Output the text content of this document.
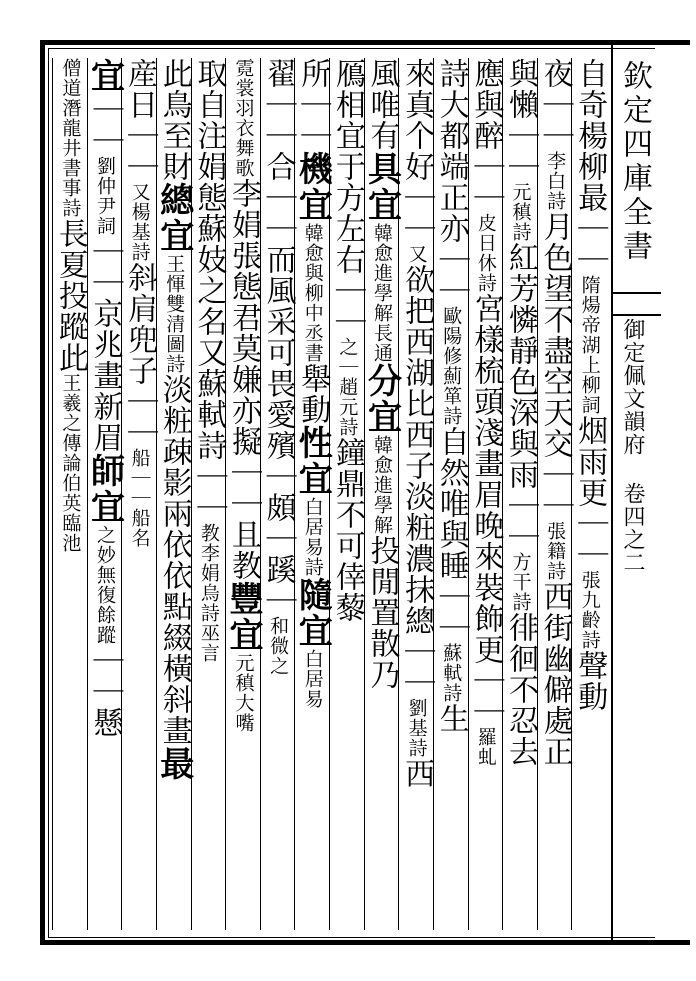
欽定四庫全書
御定佩文韻府 卷四之二
自奇楊柳最
｜｜
隋煬帝湖上柳詞
烟雨更｜｜
張九齡詩
聲動
夜｜｜
李白詩
月色望不盡空天交｜｜
張籍詩
西街幽僻處正
與懶｜｜
元稹詩
紅芳憐靜色深與雨｜｜
方干詩
徘徊不忍去
應與醉｜｜
皮日休詩
宮樣梳頭淺畫眉晚來裝飾更｜｜
羅虬
詩大都端正亦｜｜
歐陽修薊箪詩
自然唯與睡｜｜
蘇軾詩
生
來真个好｜｜
又
欲把西湖比西子淡粧濃抹總｜｜
劉基詩
西
風唯有
具宜
韓愈進學解長通
分宜
韓愈進學解
投閒置散乃
鴈相宜
于方左右｜｜
之｜
趙元詩
鐘鼎不可倖藜
所｜｜
機宜
韓愈與柳中丞書
舉動
性宜
白居易詩
隨宜
白居易
翟｜｜
合｜｜
而風采可畏愛
殯｜頗｜
蹊｜
和微之
霓裳羽衣舞歌
李娟張態君莫嫌亦擬｜｜
且教
豐宜
元稹大嘴
取自注娟態蘇妓之名又蘇軾詩｜｜
教李娟
烏詩巫言
此鳥至財
總宜
王惲雙清圖詩
淡粧疎影兩依依點綴橫斜畫
最
産日｜｜
又楊基詩
斜肩兜子｜｜
船｜｜船名
宜
｜｜
劉仲尹詞
｜｜京兆畫新眉
師宜
之妙無復餘蹤
｜｜懸
僧道潛龍井書事詩
長夏投蹤此
王羲之傳論伯英臨池
